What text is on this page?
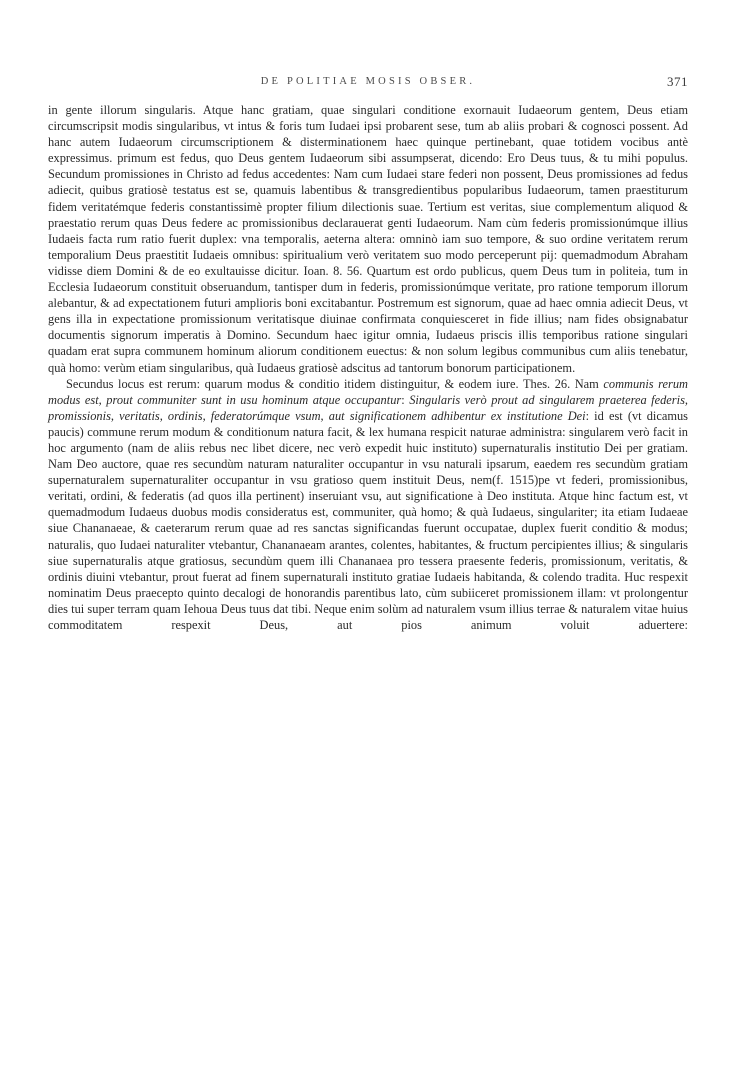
DE POLITIAE MOSIS OBSER.	371

in gente illorum singularis. Atque hanc gratiam, quae singulari conditione exornauit Iudaeorum gentem, Deus etiam circumscripsit modis singularibus, vt intus & foris tum Iudaei ipsi probarent sese, tum ab aliis probari & cognosci possent. Ad hanc autem Iudaeorum circumscriptionem & disterminationem haec quinque pertinebant, quae totidem vocibus antè expressimus. primum est fedus, quo Deus gentem Iudaeorum sibi assumpserat, dicendo: Ero Deus tuus, & tu mihi populus. Secundum promissiones in Christo ad fedus accedentes: Nam cum Iudaei stare federi non possent, Deus promissiones ad fedus adiecit, quibus gratiosè testatus est se, quamuis labentibus & transgredientibus popularibus Iudaeorum, tamen praestiturum fidem veritatémque federis constantissimè propter filium dilectionis suae. Tertium est veritas, siue complementum aliquod & praestatio rerum quas Deus federe ac promissionibus declarauerat genti Iudaeorum. Nam cùm federis promissionúmque illius Iudaeis facta rum ratio fuerit duplex: vna temporalis, aeterna altera: omninò iam suo tempore, & suo ordine veritatem rerum temporalium Deus praestitit Iudaeis omnibus: spiritualium verò veritatem suo modo perceperunt pij: quemadmodum Abraham vidisse diem Domini & de eo exultauisse dicitur. Ioan. 8. 56. Quartum est ordo publicus, quem Deus tum in politeia, tum in Ecclesia Iudaeorum constituit obseruandum, tantisper dum in federis, promissionúmque veritate, pro ratione temporum illorum alebantur, & ad expectationem futuri amplioris boni excitabantur. Postremum est signorum, quae ad haec omnia adiecit Deus, vt gens illa in expectatione promissionum veritatisque diuinae confirmata conquiesceret in fide illius; nam fides obsignabatur documentis signorum imperatis à Domino. Secundum haec igitur omnia, Iudaeus priscis illis temporibus ratione singulari quadam erat supra communem hominum aliorum conditionem euectus: & non solum legibus communibus cum aliis tenebatur, quà homo: verùm etiam singularibus, quà Iudaeus gratiosè adscitus ad tantorum bonorum participationem.

Secundus locus est rerum: quarum modus & conditio itidem distinguitur, & eodem iure. Thes. 26. Nam communis rerum modus est, prout communiter sunt in usu hominum atque occupantur: Singularis verò prout ad singularem praeterea federis, promissionis, veritatis, ordinis, federatorúmque vsum, aut significationem adhibentur ex institutione Dei: id est (vt dicamus paucis) commune rerum modum & conditionum natura facit, & lex humana respicit naturae administra: singularem verò facit in hoc argumento (nam de aliis rebus nec libet dicere, nec verò expedit huic instituto) supernaturalis institutio Dei per gratiam. Nam Deo auctore, quae res secundùm naturam naturaliter occupantur in vsu naturali ipsarum, eaedem res secundùm gratiam supernaturalem supernaturaliter occupantur in vsu gratioso quem instituit Deus, nem(f. 1515)pe vt federi, promissionibus, veritati, ordini, & federatis (ad quos illa pertinent) inseruiant vsu, aut significatione à Deo instituta. Atque hinc factum est, vt quemadmodum Iudaeus duobus modis consideratus est, communiter, quà homo; & quà Iudaeus, singulariter; ita etiam Iudaeae siue Chananaeae, & caeterarum rerum quae ad res sanctas significandas fuerunt occupatae, duplex fuerit conditio & modus; naturalis, quo Iudaei naturaliter vtebantur, Chananaeam arantes, colentes, habitantes, & fructum percipientes illius; & singularis siue supernaturalis atque gratiosus, secundùm quem illi Chananaea pro tessera praesente federis, promissionum, veritatis, & ordinis diuini vtebantur, prout fuerat ad finem supernaturali instituto gratiae Iudaeis habitanda, & colendo tradita. Huc respexit nominatim Deus praecepto quinto decalogi de honorandis parentibus lato, cùm subiiceret promissionem illam: vt prolongentur dies tui super terram quam Iehoua Deus tuus dat tibi. Neque enim solùm ad naturalem vsum illius terrae & naturalem vitae huius commoditatem respexit Deus, aut pios animum voluit aduertere:
